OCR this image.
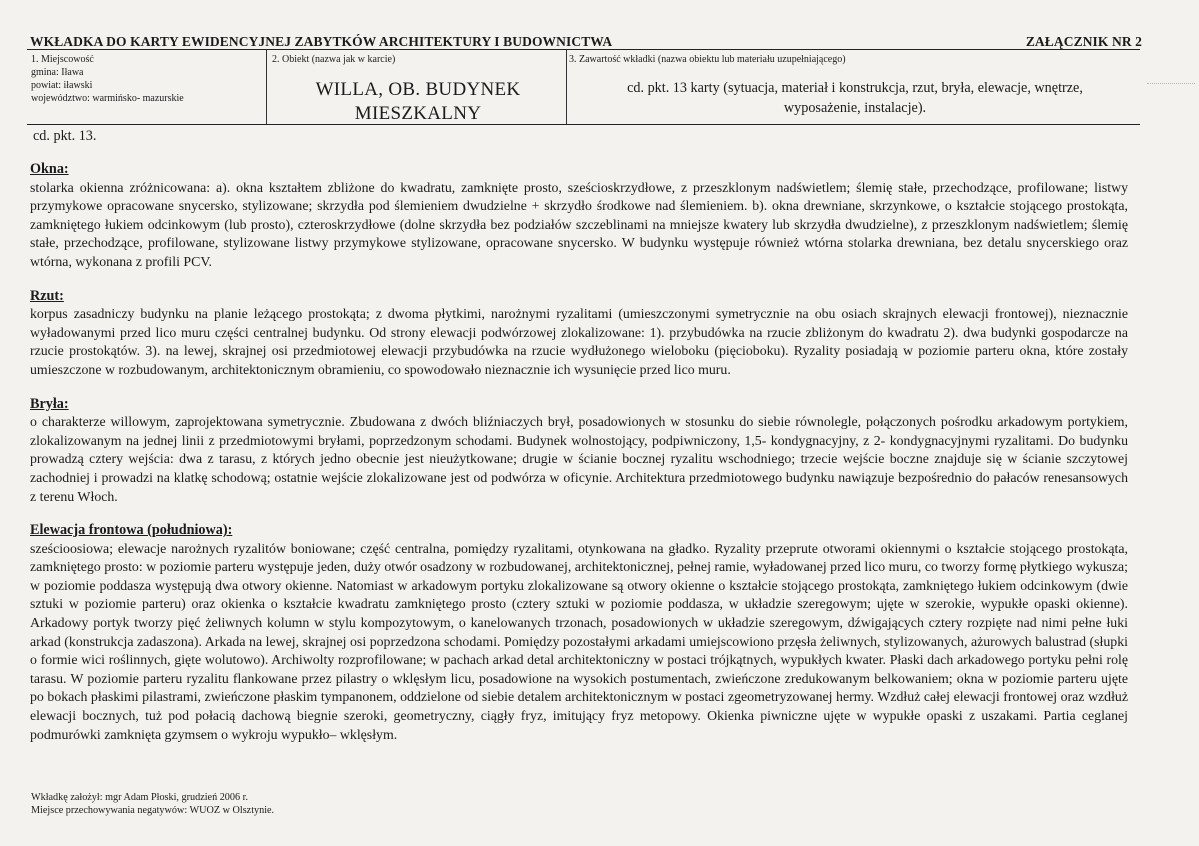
WKŁADKA DO KARTY EWIDENCYJNEJ ZABYTKÓW ARCHITEKTURY I BUDOWNICTWA	ZAŁĄCZNIK NR 2
1. Miejscowość
gmina: Iława
powiat: iławski
województwo: warmińsko- mazurskie
2. Obiekt (nazwa jak w karcie)
WILLA, OB. BUDYNEK
MIESZKALNY
3. Zawartość wkładki (nazwa obiektu lub materiału uzupełniającego)
cd. pkt. 13 karty (sytuacja, materiał i konstrukcja, rzut, bryła, elewacje, wnętrze,
wyposażenie, instalacje).
cd. pkt. 13.
Okna:

stolarka okienna zróżnicowana: a). okna kształtem zbliżone do kwadratu, zamknięte prosto, sześcioskrzydłowe, z przeszklonym nadświetlem; ślemię stałe, przechodzące, profilowane; listwy przymykowe opracowane snycersko, stylizowane; skrzydła pod ślemieniem dwudzielne + skrzydło środkowe nad ślemieniem. b). okna drewniane, skrzynkowe, o kształcie stojącego prostokąta, zamkniętego łukiem odcinkowym (lub prosto), czteroskrzydłowe (dolne skrzydła bez podziałów szczeblinami na mniejsze kwatery lub skrzydła dwudzielne), z przeszklonym nadświetlem; ślemię stałe, przechodzące, profilowane, stylizowane listwy przymykowe stylizowane, opracowane snycersko. W budynku występuje również wtórna stolarka drewniana, bez detalu snycerskiego oraz wtórna, wykonana z profili PCV.

Rzut:

korpus zasadniczy budynku na planie leżącego prostokąta; z dwoma płytkimi, narożnymi ryzalitami (umieszczonymi symetrycznie na obu osiach skrajnych elewacji frontowej), nieznacznie wyładowanymi przed lico muru części centralnej budynku. Od strony elewacji podwórzowej zlokalizowane: 1). przybudówka na rzucie zbliżonym do kwadratu 2). dwa budynki gospodarcze na rzucie prostokątów. 3). na lewej, skrajnej osi przedmiotowej elewacji przybudówka na rzucie wydłużonego wieloboku (pięcioboku). Ryzality posiadają w poziomie parteru okna, które zostały umieszczone w rozbudowanym, architektonicznym obramieniu, co spowodowało nieznacznie ich wysunięcie przed lico muru.

Bryła:

o charakterze willowym, zaprojektowana symetrycznie. Zbudowana z dwóch bliźniaczych brył, posadowionych w stosunku do siebie równolegle, połączonych pośrodku arkadowym portykiem, zlokalizowanym na jednej linii z przedmiotowymi bryłami, poprzedzonym schodami. Budynek wolnostojący, podpiwniczony, 1,5- kondygnacyjny, z 2- kondygnacyjnymi ryzalitami. Do budynku prowadzą cztery wejścia: dwa z tarasu, z których jedno obecnie jest nieużytkowane; drugie w ścianie bocznej ryzalitu wschodniego; trzecie wejście boczne znajduje się w ścianie szczytowej zachodniej i prowadzi na klatkę schodową; ostatnie wejście zlokalizowane jest od podwórza w oficynie. Architektura przedmiotowego budynku nawiązuje bezpośrednio do pałaców renesansowych z terenu Włoch.

Elewacja frontowa (południowa):

sześcioosiowa; elewacje narożnych ryzalitów boniowane; część centralna, pomiędzy ryzalitami, otynkowana na gładko. Ryzality przeprute otworami okiennymi o kształcie stojącego prostokąta, zamkniętego prosto: w poziomie parteru występuje jeden, duży otwór osadzony w rozbudowanej, architektonicznej, pełnej ramie, wyładowanej przed lico muru, co tworzy formę płytkiego wykusza; w poziomie poddasza występują dwa otwory okienne. Natomiast w arkadowym portyku zlokalizowane są otwory okienne o kształcie stojącego prostokąta, zamkniętego łukiem odcinkowym (dwie sztuki w poziomie parteru) oraz okienka o kształcie kwadratu zamkniętego prosto (cztery sztuki w poziomie poddasza, w układzie szeregowym; ujęte w szerokie, wypukłe opaski okienne). Arkadowy portyk tworzy pięć żeliwnych kolumn w stylu kompozytowym, o kanelowanych trzonach, posadowionych w układzie szeregowym, dźwigających cztery rozpięte nad nimi pełne łuki arkad (konstrukcja zadaszona). Arkada na lewej, skrajnej osi poprzedzona schodami. Pomiędzy pozostałymi arkadami umiejscowiono przęsła żeliwnych, stylizowanych, ażurowych balustrad (słupki o formie wici roślinnych, gięte wolutowo). Archiwolty rozprofilowane; w pachach arkad detal architektoniczny w postaci trójkątnych, wypukłych kwater. Płaski dach arkadowego portyku pełni rolę tarasu. W poziomie parteru ryzalitu flankowane przez pilastry o wklęsłym licu, posadowione na wysokich postumentach, zwieńczone zredukowanym belkowaniem; okna w poziomie parteru ujęte po bokach płaskimi pilastrami, zwieńczone płaskim tympanonem, oddzielone od siebie detalem architektonicznym w postaci zgeometryzowanej hermy. Wzdłuż całej elewacji frontowej oraz wzdłuż elewacji bocznych, tuż pod połacią dachową biegnie szeroki, geometryczny, ciągły fryz, imitujący fryz metopowy. Okienka piwniczne ujęte w wypukłe opaski z uszakami. Partia ceglanej podmurówki zamknięta gzymsem o wykroju wypukło– wklęsłym.

Wkładkę założył: mgr Adam Płoski, grudzień 2006 r.
Miejsce przechowywania negatywów: WUOZ w Olsztynie.
